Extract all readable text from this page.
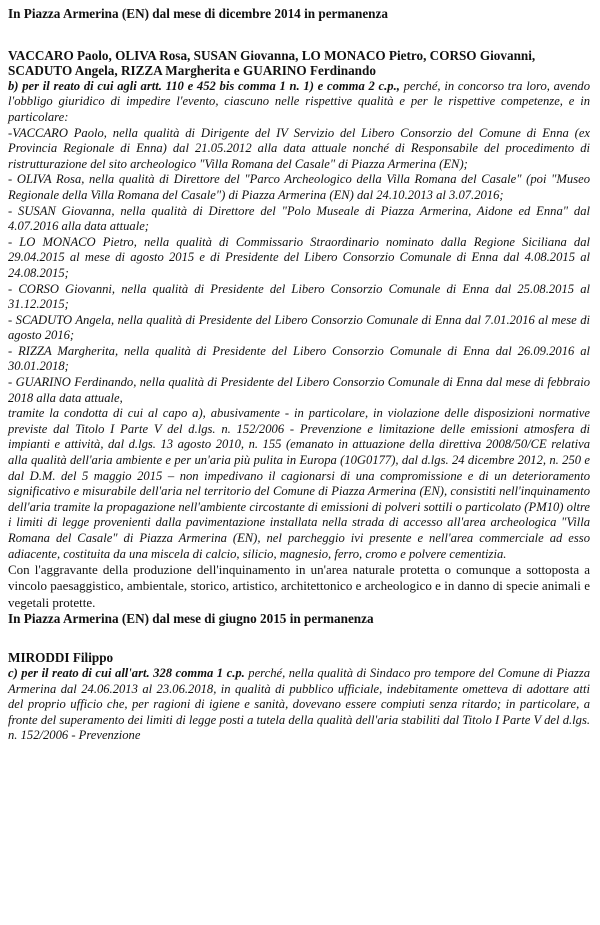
In Piazza Armerina (EN) dal mese di dicembre 2014 in permanenza

VACCARO Paolo, OLIVA Rosa, SUSAN Giovanna, LO MONACO Pietro, CORSO Giovanni, SCADUTO Angela, RIZZA Margherita e GUARINO Ferdinando

b) per il reato di cui agli artt. 110 e 452 bis comma 1 n. 1) e comma 2 c.p., perché, in concorso tra loro, avendo l'obbligo giuridico di impedire l'evento, ciascuno nelle rispettive qualità e per le rispettive competenze, e in particolare:

-VACCARO Paolo, nella qualità di Dirigente del IV Servizio del Libero Consorzio del Comune di Enna (ex Provincia Regionale di Enna) dal 21.05.2012 alla data attuale nonché di Responsabile del procedimento di ristrutturazione del sito archeologico "Villa Romana del Casale" di Piazza Armerina (EN);

- OLIVA Rosa, nella qualità di Direttore del "Parco Archeologico della Villa Romana del Casale" (poi "Museo Regionale della Villa Romana del Casale") di Piazza Armerina (EN) dal 24.10.2013 al 3.07.2016;

- SUSAN Giovanna, nella qualità di Direttore del "Polo Museale di Piazza Armerina, Aidone ed Enna" dal 4.07.2016 alla data attuale;

- LO MONACO Pietro, nella qualità di Commissario Straordinario nominato dalla Regione Siciliana dal 29.04.2015 al mese di agosto 2015 e di Presidente del Libero Consorzio Comunale di Enna dal 4.08.2015 al 24.08.2015;

- CORSO Giovanni, nella qualità di Presidente del Libero Consorzio Comunale di Enna dal 25.08.2015 al 31.12.2015;

- SCADUTO Angela, nella qualità di Presidente del Libero Consorzio Comunale di Enna dal 7.01.2016 al mese di agosto 2016;

- RIZZA Margherita, nella qualità di Presidente del Libero Consorzio Comunale di Enna dal 26.09.2016 al 30.01.2018;

- GUARINO Ferdinando, nella qualità di Presidente del Libero Consorzio Comunale di Enna dal mese di febbraio 2018 alla data attuale,

tramite la condotta di cui al capo a), abusivamente - in particolare, in violazione delle disposizioni normative previste dal Titolo I Parte V del d.lgs. n. 152/2006 - Prevenzione e limitazione delle emissioni atmosfera di impianti e attività, dal d.lgs. 13 agosto 2010, n. 155 (emanato in attuazione della direttiva 2008/50/CE relativa alla qualità dell'aria ambiente e per un'aria più pulita in Europa (10G0177), dal d.lgs. 24 dicembre 2012, n. 250 e dal D.M. del 5 maggio 2015 – non impedivano il cagionarsi di una compromissione e di un deterioramento significativo e misurabile dell'aria nel territorio del Comune di Piazza Armerina (EN), consistiti nell'inquinamento dell'aria tramite la propagazione nell'ambiente circostante di emissioni di polveri sottili o particolato (PM10) oltre i limiti di legge provenienti dalla pavimentazione installata nella strada di accesso all'area archeologica "Villa Romana del Casale" di Piazza Armerina (EN), nel parcheggio ivi presente e nell'area commerciale ad esso adiacente, costituita da una miscela di calcio, silicio, magnesio, ferro, cromo e polvere cementizia.

Con l'aggravante della produzione dell'inquinamento in un'area naturale protetta o comunque a sottoposta a vincolo paesaggistico, ambientale, storico, artistico, architettonico e archeologico e in danno di specie animali e vegetali protette.

In Piazza Armerina (EN) dal mese di giugno 2015 in permanenza

MIRODDI Filippo

c) per il reato di cui all'art. 328 comma 1 c.p. perché, nella qualità di Sindaco pro tempore del Comune di Piazza Armerina dal 24.06.2013 al 23.06.2018, in qualità di pubblico ufficiale, indebitamente ometteva di adottare atti del proprio ufficio che, per ragioni di igiene e sanità, dovevano essere compiuti senza ritardo; in particolare, a fronte del superamento dei limiti di legge posti a tutela della qualità dell'aria stabiliti dal Titolo I Parte V del d.lgs. n. 152/2006 - Prevenzione
